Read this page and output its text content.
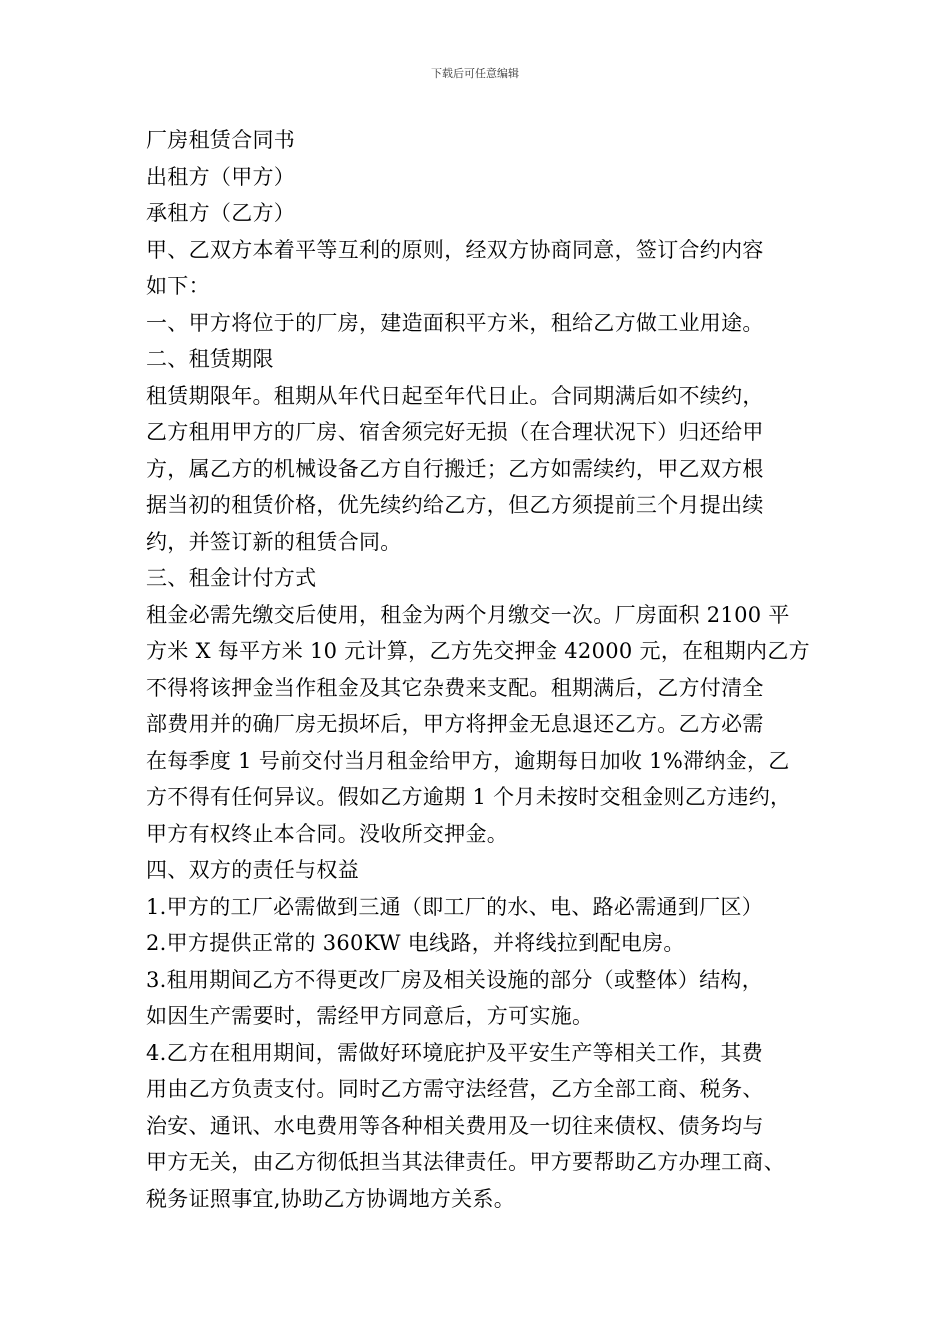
下载后可任意编辑
厂房租赁合同书
出租方（甲方）
承租方（乙方）
甲、乙双方本着平等互利的原则，经双方协商同意，签订合约内容
如下：
一、甲方将位于的厂房，建造面积平方米，租给乙方做工业用途。
二、租赁期限
租赁期限年。租期从年代日起至年代日止。合同期满后如不续约，
乙方租用甲方的厂房、宿舍须完好无损（在合理状况下）归还给甲
方，属乙方的机械设备乙方自行搬迁；乙方如需续约，甲乙双方根
据当初的租赁价格，优先续约给乙方，但乙方须提前三个月提出续
约，并签订新的租赁合同。
三、租金计付方式
租金必需先缴交后使用，租金为两个月缴交一次。厂房面积 2100 平
方米 X 每平方米 10 元计算，乙方先交押金 42000 元，在租期内乙方
不得将该押金当作租金及其它杂费来支配。租期满后，乙方付清全
部费用并的确厂房无损坏后，甲方将押金无息退还乙方。乙方必需
在每季度 1 号前交付当月租金给甲方，逾期每日加收 1%滞纳金，乙
方不得有任何异议。假如乙方逾期 1 个月未按时交租金则乙方违约，
甲方有权终止本合同。没收所交押金。
四、双方的责任与权益
1.甲方的工厂必需做到三通（即工厂的水、电、路必需通到厂区）
2.甲方提供正常的 360KW 电线路，并将线拉到配电房。
3.租用期间乙方不得更改厂房及相关设施的部分（或整体）结构，
如因生产需要时，需经甲方同意后，方可实施。
4.乙方在租用期间，需做好环境庇护及平安生产等相关工作，其费
用由乙方负责支付。同时乙方需守法经营，乙方全部工商、税务、
治安、通讯、水电费用等各种相关费用及一切往来债权、债务均与
甲方无关，由乙方彻低担当其法律责任。甲方要帮助乙方办理工商、
税务证照事宜,协助乙方协调地方关系。
